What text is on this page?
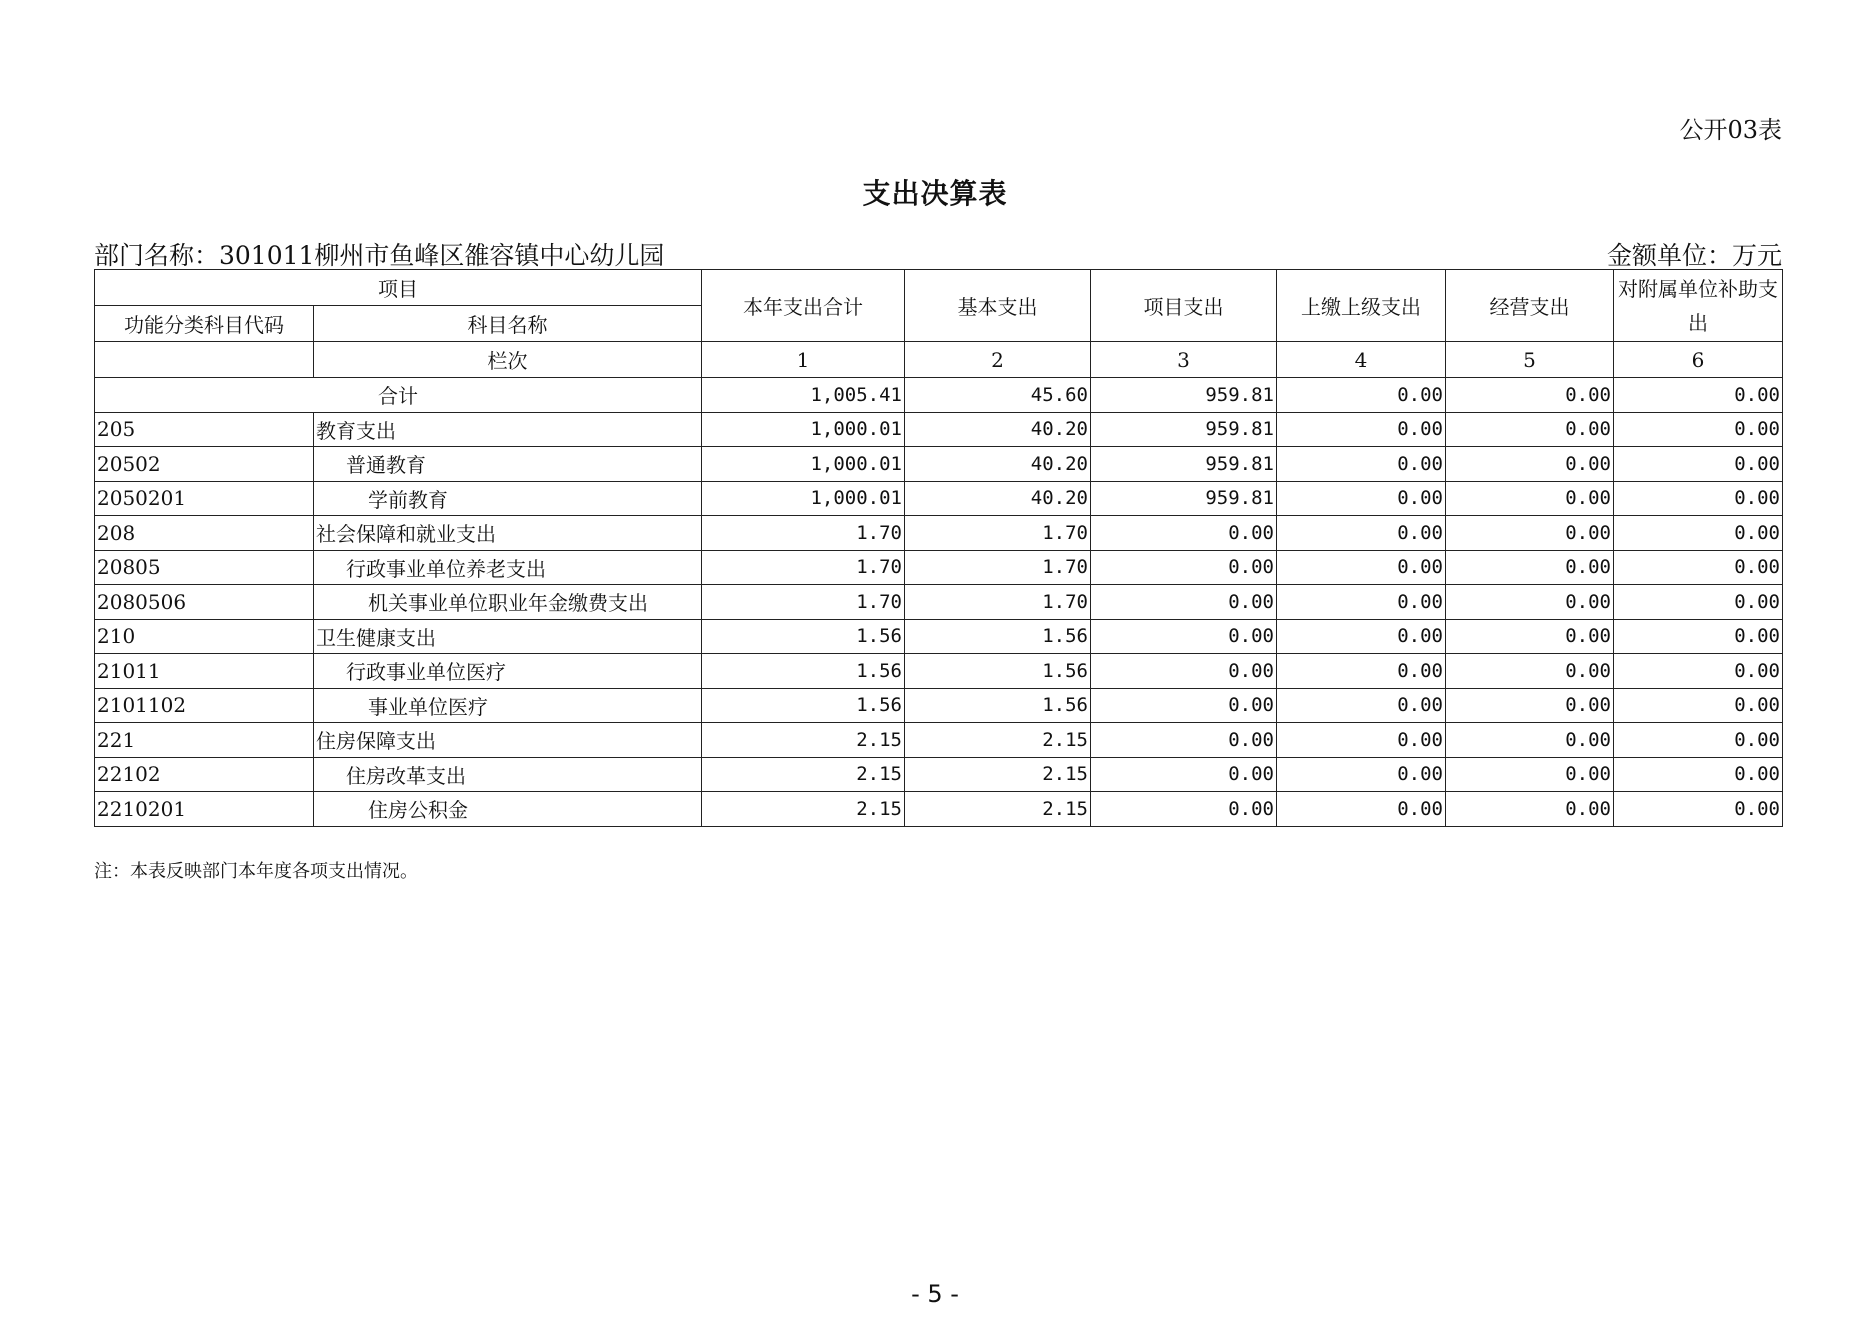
公开03表
支出决算表
部门名称：301011柳州市鱼峰区雒容镇中心幼儿园	金额单位：万元
项目		本年支出合计	基本支出	项目支出	上缴上级支出	经营支出	对附属单位补助支出
功能分类科目代码	科目名称						
	栏次	1	2	3	4	5	6
合计		1,005.41	45.60	959.81	0.00	0.00	0.00
205	教育支出	1,000.01	40.20	959.81	0.00	0.00	0.00
20502	普通教育	1,000.01	40.20	959.81	0.00	0.00	0.00
2050201	学前教育	1,000.01	40.20	959.81	0.00	0.00	0.00
208	社会保障和就业支出	1.70	1.70	0.00	0.00	0.00	0.00
20805	行政事业单位养老支出	1.70	1.70	0.00	0.00	0.00	0.00
2080506	机关事业单位职业年金缴费支出	1.70	1.70	0.00	0.00	0.00	0.00
210	卫生健康支出	1.56	1.56	0.00	0.00	0.00	0.00
21011	行政事业单位医疗	1.56	1.56	0.00	0.00	0.00	0.00
2101102	事业单位医疗	1.56	1.56	0.00	0.00	0.00	0.00
221	住房保障支出	2.15	2.15	0.00	0.00	0.00	0.00
22102	住房改革支出	2.15	2.15	0.00	0.00	0.00	0.00
2210201	住房公积金	2.15	2.15	0.00	0.00	0.00	0.00
注：本表反映部门本年度各项支出情况。
- 5 -
